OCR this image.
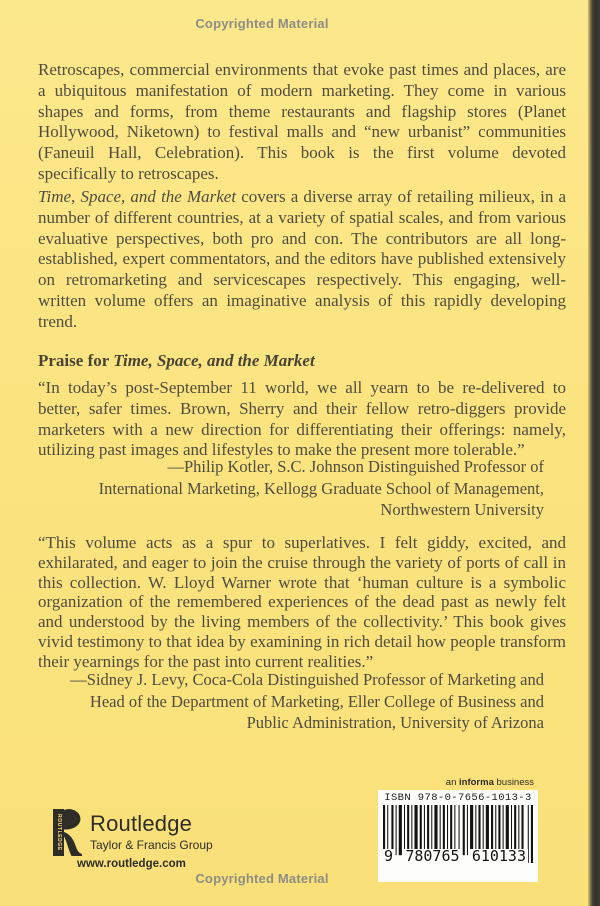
Copyrighted Material

Retroscapes, commercial environments that evoke past times and places, are a ubiquitous manifestation of modern marketing. They come in various shapes and forms, from theme restaurants and flagship stores (Planet Hollywood, Niketown) to festival malls and “new urbanist” communities (Faneuil Hall, Celebration). This book is the first volume devoted specifically to retroscapes.

Time, Space, and the Market covers a diverse array of retailing milieux, in a number of different countries, at a variety of spatial scales, and from various evaluative perspectives, both pro and con. The contributors are all long-established, expert commentators, and the editors have published extensively on retromarketing and servicescapes respectively. This engaging, well-written volume offers an imaginative analysis of this rapidly developing trend.

Praise for Time, Space, and the Market

“In today’s post-September 11 world, we all yearn to be re-delivered to better, safer times. Brown, Sherry and their fellow retro-diggers provide marketers with a new direction for differentiating their offerings: namely, utilizing past images and lifestyles to make the present more tolerable.”

—Philip Kotler, S.C. Johnson Distinguished Professor of
International Marketing, Kellogg Graduate School of Management,
Northwestern University

“This volume acts as a spur to superlatives. I felt giddy, excited, and exhilarated, and eager to join the cruise through the variety of ports of call in this collection. W. Lloyd Warner wrote that ‘human culture is a symbolic organization of the remembered experiences of the dead past as newly felt and understood by the living members of the collectivity.’ This book gives vivid testimony to that idea by examining in rich detail how people transform their yearnings for the past into current realities.”

—Sidney J. Levy, Coca-Cola Distinguished Professor of Marketing and
Head of the Department of Marketing, Eller College of Business and
Public Administration, University of Arizona
ROUTLEDGE Routledge
Taylor & Francis Group
www.routledge.com
an informa business
ISBN 978-0-7656-1013-3
9 780765 610133
Copyrighted Material
